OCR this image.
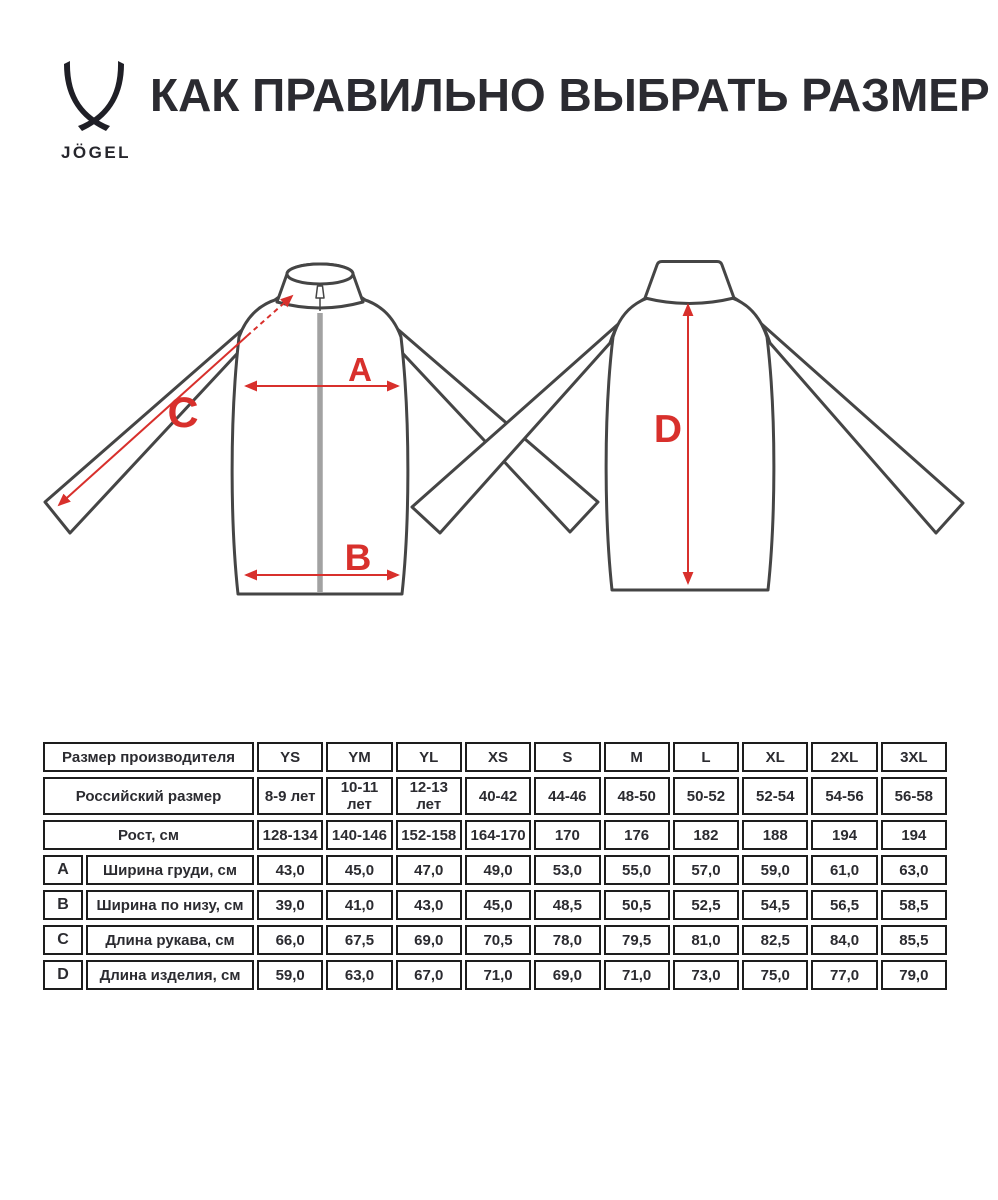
JÖGEL
КАК ПРАВИЛЬНО ВЫБРАТЬ РАЗМЕР
A
B
C	D
Размер производителя		YS	YM	YL	XS	S	M	L	XL	2XL	3XL
Российский размер		8-9 лет	10-11 лет	12-13 лет	40-42	44-46	48-50	50-52	52-54	54-56	56-58
Рост, см		128-134	140-146	152-158	164-170	170	176	182	188	194	194
A	Ширина груди, см	43,0	45,0	47,0	49,0	53,0	55,0	57,0	59,0	61,0	63,0
B	Ширина по низу, см	39,0	41,0	43,0	45,0	48,5	50,5	52,5	54,5	56,5	58,5
C	Длина рукава, см	66,0	67,5	69,0	70,5	78,0	79,5	81,0	82,5	84,0	85,5
D	Длина изделия, см	59,0	63,0	67,0	71,0	69,0	71,0	73,0	75,0	77,0	79,0
